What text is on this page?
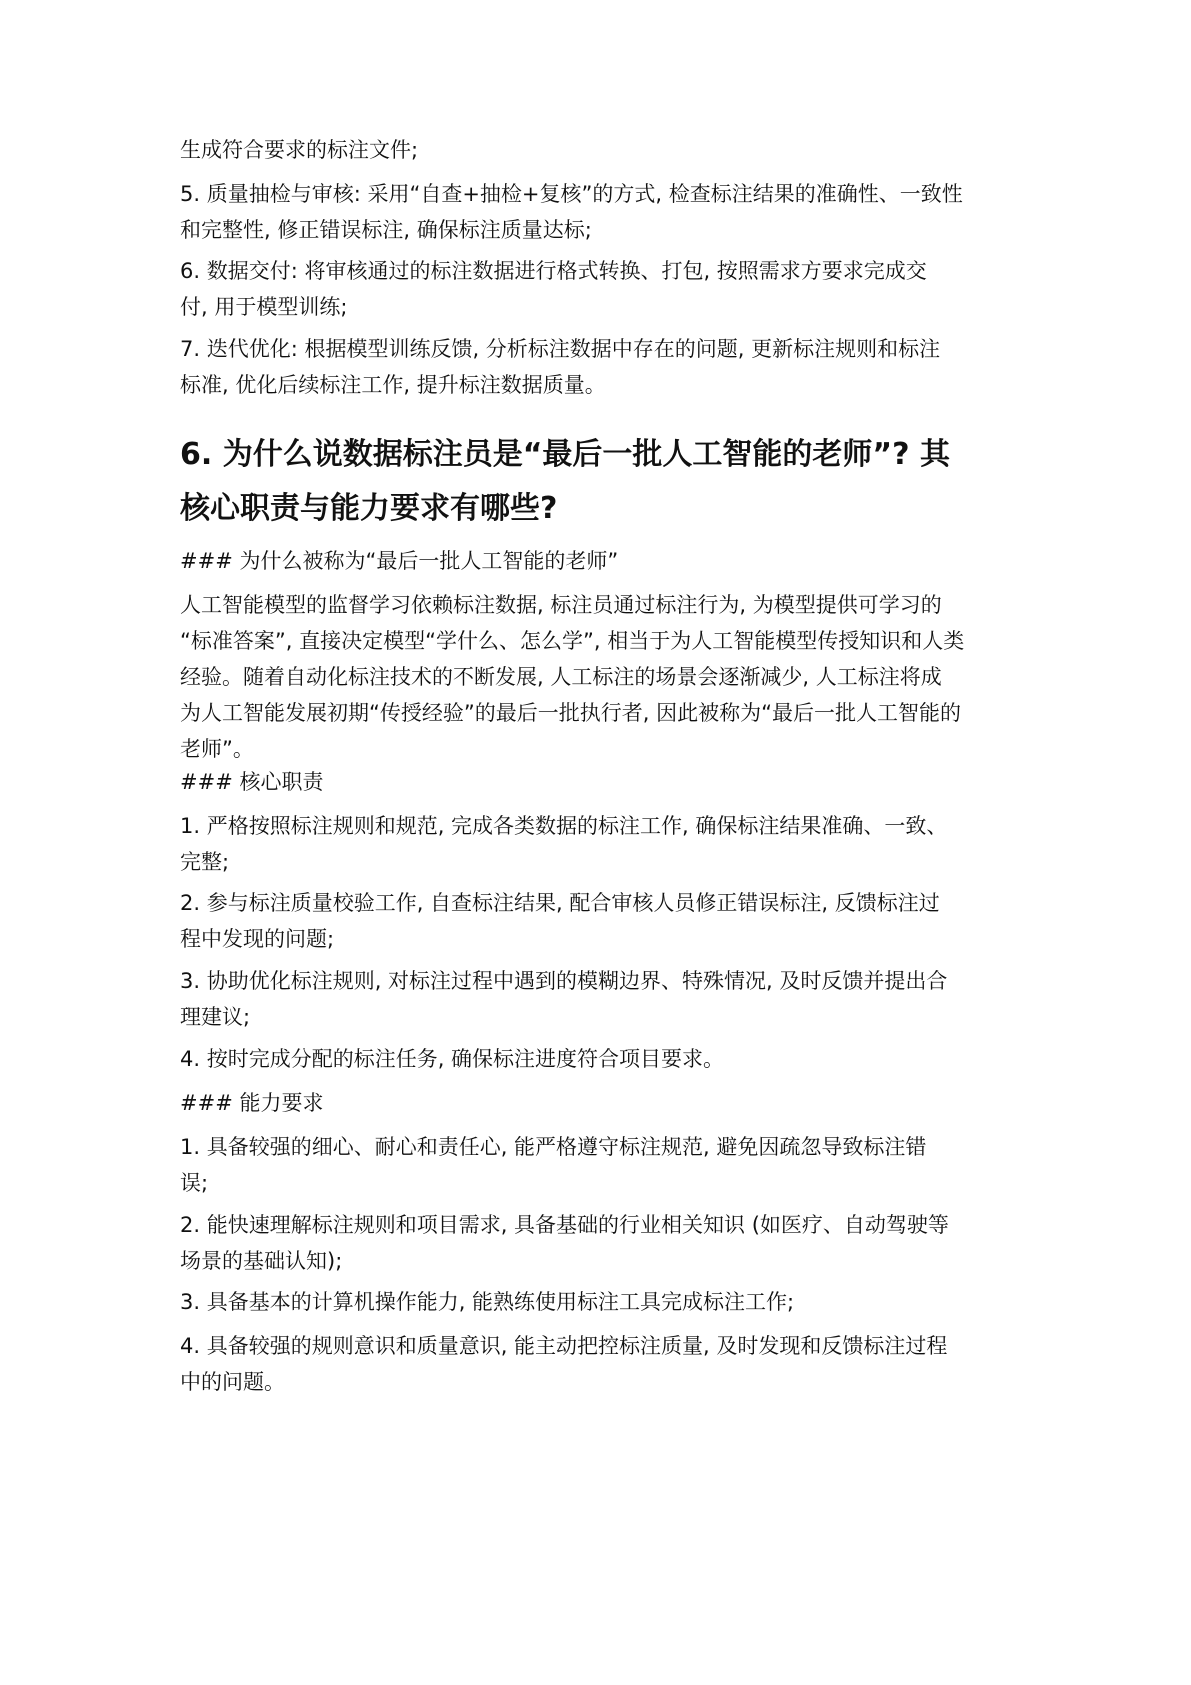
生成符合要求的标注文件;
5. 质量抽检与审核: 采用“自查+抽检+复核”的方式, 检查标注结果的准确性、一致性
和完整性, 修正错误标注, 确保标注质量达标;
6. 数据交付: 将审核通过的标注数据进行格式转换、打包, 按照需求方要求完成交
付, 用于模型训练;
7. 迭代优化: 根据模型训练反馈, 分析标注数据中存在的问题, 更新标注规则和标注
标准, 优化后续标注工作, 提升标注数据质量。
6. 为什么说数据标注员是“最后一批人工智能的老师”? 其
核心职责与能力要求有哪些?
### 为什么被称为“最后一批人工智能的老师”
人工智能模型的监督学习依赖标注数据, 标注员通过标注行为, 为模型提供可学习的
“标准答案”, 直接决定模型“学什么、怎么学”, 相当于为人工智能模型传授知识和人类
经验。随着自动化标注技术的不断发展, 人工标注的场景会逐渐减少, 人工标注将成
为人工智能发展初期“传授经验”的最后一批执行者, 因此被称为“最后一批人工智能的
老师”。
### 核心职责
1. 严格按照标注规则和规范, 完成各类数据的标注工作, 确保标注结果准确、一致、
完整;
2. 参与标注质量校验工作, 自查标注结果, 配合审核人员修正错误标注, 反馈标注过
程中发现的问题;
3. 协助优化标注规则, 对标注过程中遇到的模糊边界、特殊情况, 及时反馈并提出合
理建议;
4. 按时完成分配的标注任务, 确保标注进度符合项目要求。
### 能力要求
1. 具备较强的细心、耐心和责任心, 能严格遵守标注规范, 避免因疏忽导致标注错
误;
2. 能快速理解标注规则和项目需求, 具备基础的行业相关知识 (如医疗、自动驾驶等
场景的基础认知);
3. 具备基本的计算机操作能力, 能熟练使用标注工具完成标注工作;
4. 具备较强的规则意识和质量意识, 能主动把控标注质量, 及时发现和反馈标注过程
中的问题。
